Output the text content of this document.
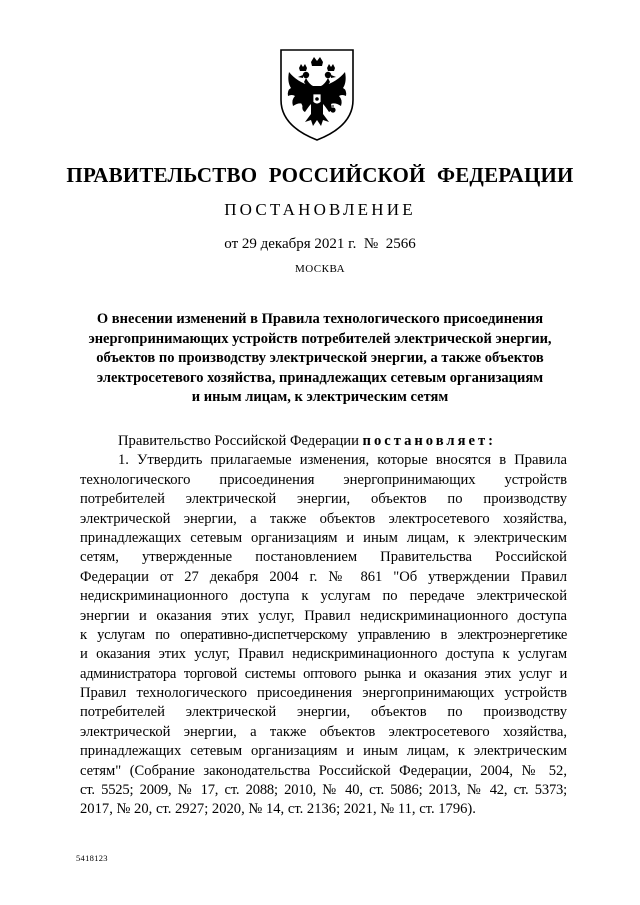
ПРАВИТЕЛЬСТВО РОССИЙСКОЙ ФЕДЕРАЦИИ
ПОСТАНОВЛЕНИЕ
от 29 декабря 2021 г.  №  2566
МОСКВА
О внесении изменений в Правила технологического присоединения
энергопринимающих устройств потребителей электрической энергии,
объектов по производству электрической энергии, а также объектов
электросетевого хозяйства, принадлежащих сетевым организациям
и иным лицам, к электрическим сетям
Правительство Российской Федерации постановляет:
1. Утвердить прилагаемые изменения, которые вносятся в Правила
технологического присоединения энергопринимающих устройств
потребителей электрической энергии, объектов по производству
электрической энергии, а также объектов электросетевого хозяйства,
принадлежащих сетевым организациям и иным лицам, к электрическим
сетям, утвержденные постановлением Правительства Российской
Федерации от 27 декабря 2004 г. № 861 "Об утверждении Правил
недискриминационного доступа к услугам по передаче электрической
энергии и оказания этих услуг, Правил недискриминационного доступа
к услугам по оперативно-диспетчерскому управлению в электроэнергетике
и оказания этих услуг, Правил недискриминационного доступа к услугам
администратора торговой системы оптового рынка и оказания этих услуг и
Правил технологического присоединения энергопринимающих устройств
потребителей электрической энергии, объектов по производству
электрической энергии, а также объектов электросетевого хозяйства,
принадлежащих сетевым организациям и иным лицам, к электрическим
сетям" (Собрание законодательства Российской Федерации, 2004, № 52,
ст. 5525; 2009, № 17, ст. 2088; 2010, № 40, ст. 5086; 2013, № 42, ст. 5373;
2017, № 20, ст. 2927; 2020, № 14, ст. 2136; 2021, № 11, ст. 1796).
5418123
